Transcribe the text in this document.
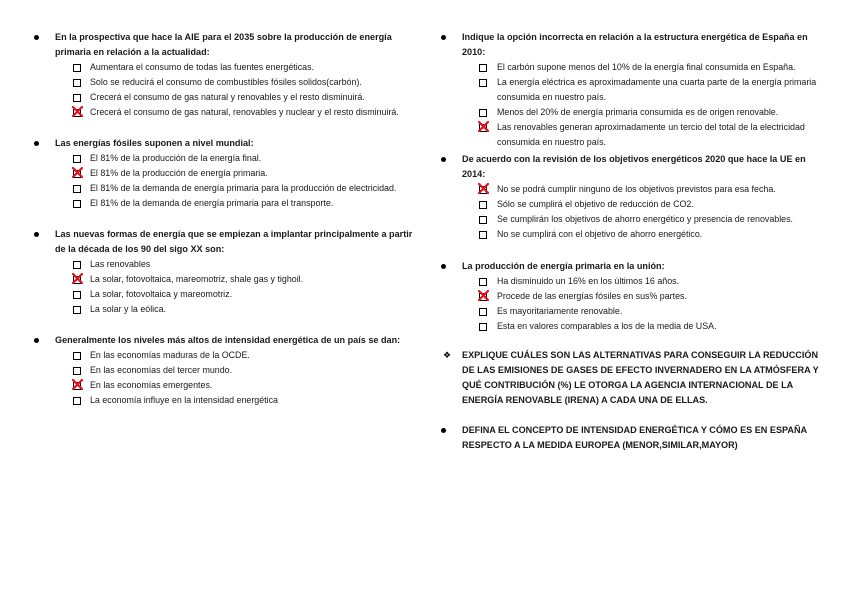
En la prospectiva que hace la AIE para el 2035 sobre la producción de energía primaria en relación a la actualidad:
Aumentara el consumo de todas las fuentes energéticas.
Solo se reducirá el consumo de combustibles fósiles solidos(carbón).
Crecerá el consumo de gas natural y renovables y el resto disminuirá.
Crecerá el consumo de gas natural, renovables y nuclear y el resto disminuirá.
Las energías fósiles suponen a nivel mundial:
El 81% de la producción de la energía final.
El 81% de la producción de energía primaria.
El 81% de la demanda de energía primaria para la producción de electricidad.
El 81% de la demanda de energía primaria para el transporte.
Las nuevas formas de energía que se empiezan a implantar principalmente a partir de la década de los 90 del sigo XX son:
Las renovables
La solar, fotovoltaica, mareomotriz, shale gas y tighoil.
La solar, fotovoltaica y mareomotriz.
La solar y la eólica.
Generalmente los niveles más altos de intensidad energética de un país se dan:
En las economías maduras de la OCDE.
En las economías del tercer mundo.
En las economías emergentes.
La economía influye en la intensidad energética
Indique la opción incorrecta en relación a la estructura energética de España en 2010:
El carbón supone menos del 10% de la energía final consumida en España.
La energía eléctrica es aproximadamente una cuarta parte de la energía primaria consumida en nuestro país.
Menos del 20% de energía primaria consumida es de origen renovable.
Las renovables generan aproximadamente un tercio del total de la electricidad consumida en nuestro país.
De acuerdo con la revisión de los objetivos energéticos 2020 que hace la UE en 2014:
No se podrá cumplir ninguno de los objetivos previstos para esa fecha.
Sólo se cumplirá el objetivo de reducción de CO2.
Se cumplirán los objetivos de ahorro energético y presencia de renovables.
No se cumplirá con el objetivo de ahorro energético.
La producción de energía primaria en la unión:
Ha disminuido un 16% en los últimos 16 años.
Procede de las energías fósiles en sus% partes.
Es mayoritariamente renovable.
Esta en valores comparables a los de la media de USA.
❖ EXPLIQUE CUÁLES SON LAS ALTERNATIVAS PARA CONSEGUIR LA REDUCCIÓN DE LAS EMISIONES DE GASES DE EFECTO INVERNADERO EN LA ATMÓSFERA Y QUÉ CONTRIBUCIÓN (%) LE OTORGA LA AGENCIA INTERNACIONAL DE LA ENERGÍA RENOVABLE (IRENA) A CADA UNA DE ELLAS.
DEFINA EL CONCEPTO DE INTENSIDAD ENERGÉTICA Y CÓMO ES EN ESPAÑA RESPECTO A LA MEDIDA EUROPEA (MENOR,SIMILAR,MAYOR)
